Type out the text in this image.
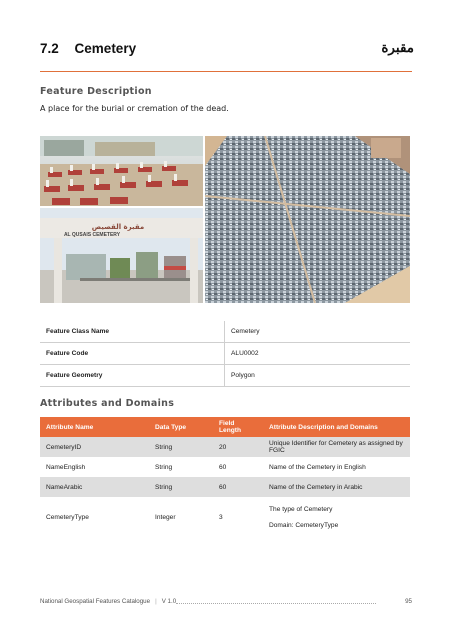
7.2 Cemetery	مقبرة
Feature Description
A place for the burial or cremation of the dead.
مقبرة القصيص
AL QUSAIS CEMETERY
Feature Class Name	Cemetery
Feature Code	ALU0002
Feature Geometry	Polygon
Attributes and Domains
Attribute Name	Data Type	Field Length	Attribute Description and Domains
CemeteryID	String	20	Unique Identifier for Cemetery as assigned by FGIC
NameEnglish	String	60	Name of the Cemetery in English
NameArabic	String	60	Name of the Cemetery in Arabic
CemeteryType	Integer	3	The type of Cemetery
Domain: CemeteryType
National Geospatial Features Catalogue | V 1.0	95
